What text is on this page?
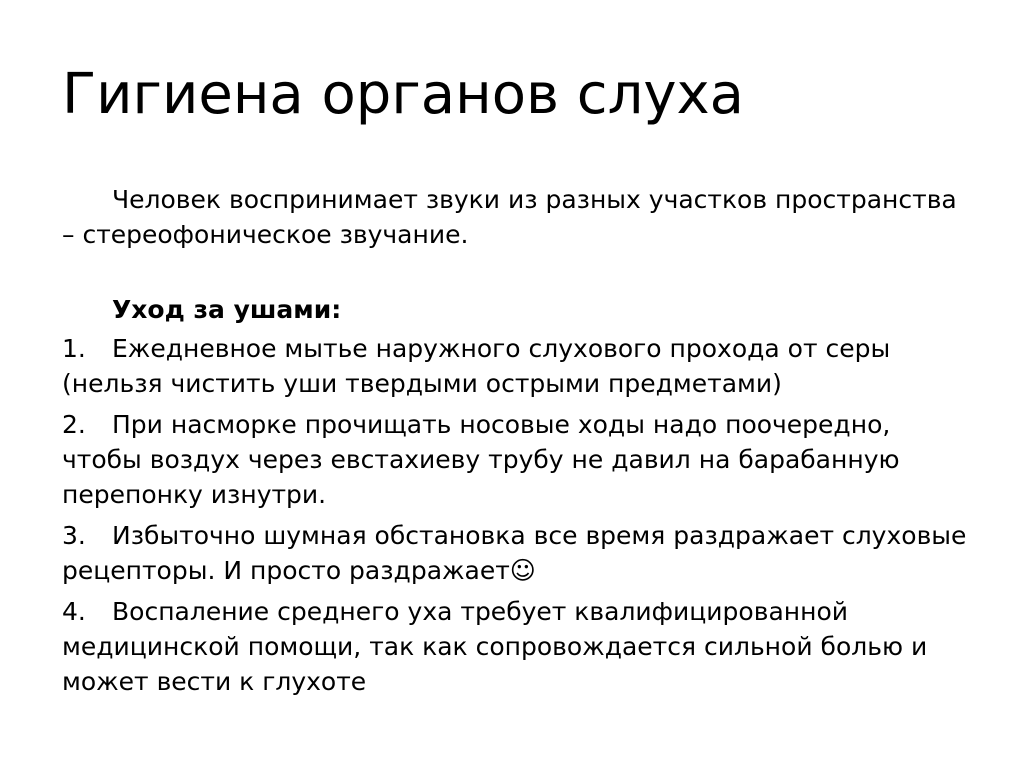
Гигиена органов слуха

Человек воспринимает звуки из разных участков пространства – стереофоническое звучание.

Уход за ушами:

1. Ежедневное мытье наружного слухового прохода от серы (нельзя чистить уши твердыми острыми предметами)
2. При насморке прочищать носовые ходы надо поочередно, чтобы воздух через евстахиеву трубу не давил на барабанную перепонку изнутри.
3. Избыточно шумная обстановка все время раздражает слуховые рецепторы. И просто раздражает☺
4. Воспаление среднего уха требует квалифицированной медицинской помощи, так как сопровождается сильной болью и может вести к глухоте
